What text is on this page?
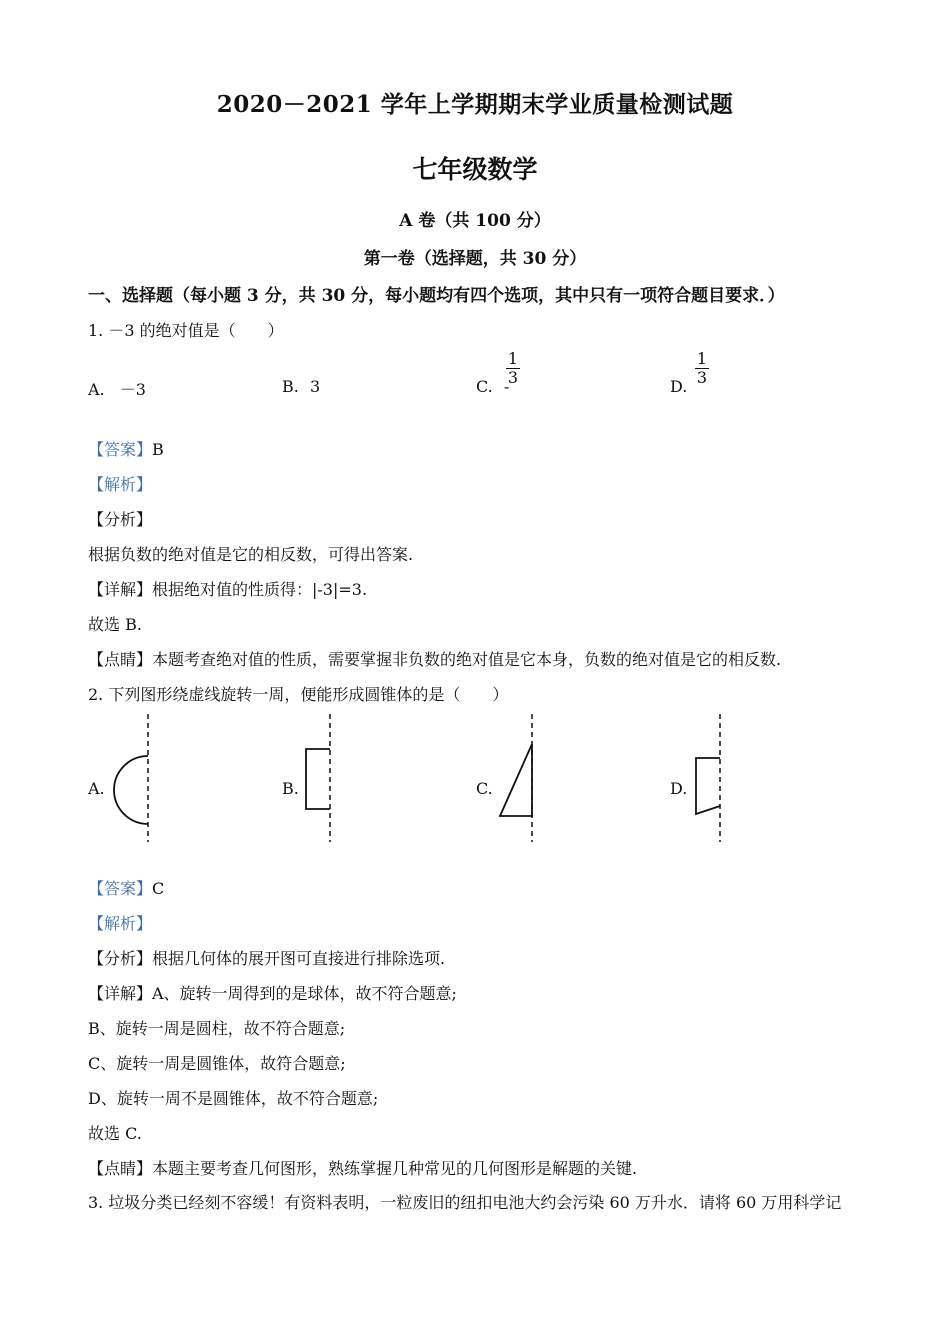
2020－2021 学年上学期期末学业质量检测试题
七年级数学
A 卷（共 100 分）
第一卷（选择题，共 30 分）
一、选择题（每小题 3 分，共 30 分，每小题均有四个选项，其中只有一项符合题目要求．）
1. －3 的绝对值是（　　）
A. －3	B. 3	C. -
$\frac{1}{3}$	D. $\frac{1}{3}$
【答案】B
【解析】
【分析】
根据负数的绝对值是它的相反数，可得出答案.
【详解】根据绝对值的性质得：|-3|=3.
故选 B.
【点睛】本题考查绝对值的性质，需要掌握非负数的绝对值是它本身，负数的绝对值是它的相反数.
2. 下列图形绕虚线旋转一周，便能形成圆锥体的是（　　）
A.	B.	C.	D.
【答案】C
【解析】
【分析】根据几何体的展开图可直接进行排除选项.
【详解】A、旋转一周得到的是球体，故不符合题意;
B、旋转一周是圆柱，故不符合题意;
C、旋转一周是圆锥体，故符合题意;
D、旋转一周不是圆锥体，故不符合题意;
故选 C.
【点睛】本题主要考查几何图形，熟练掌握几种常见的几何图形是解题的关键.
3. 垃圾分类已经刻不容缓！有资料表明，一粒废旧的纽扣电池大约会污染 60 万升水．请将 60 万用科学记
